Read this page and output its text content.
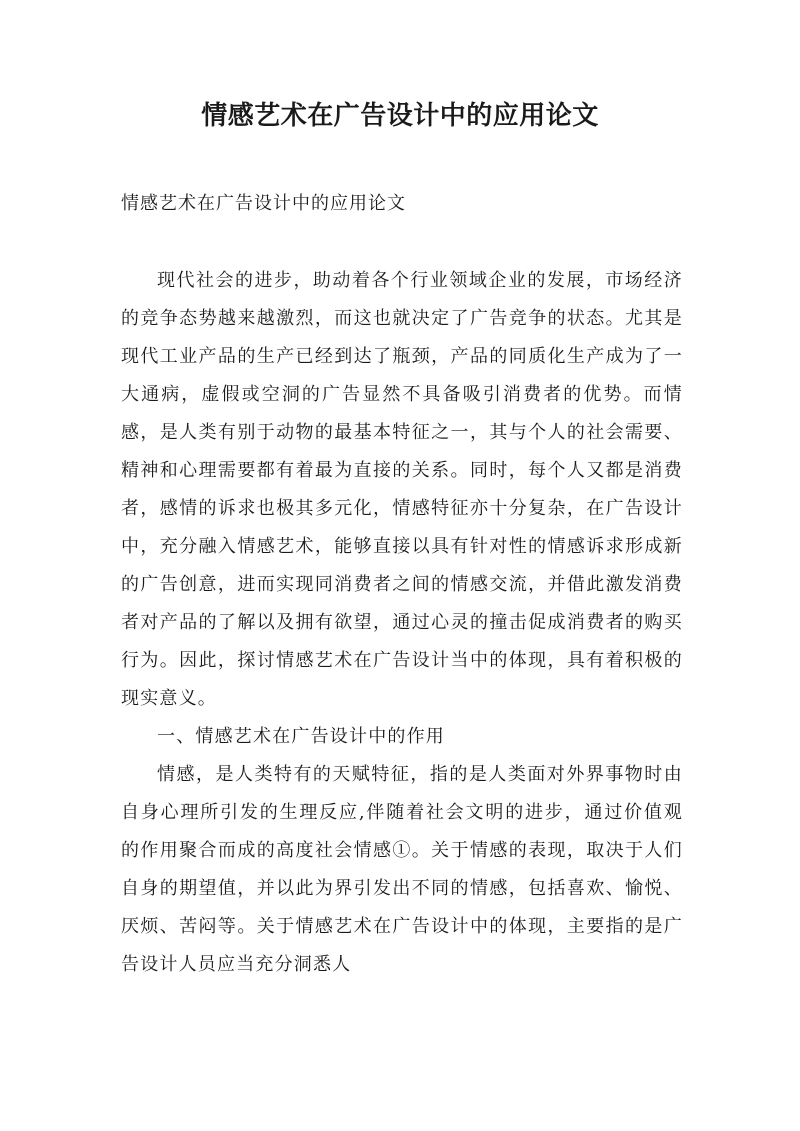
情感艺术在广告设计中的应用论文
情感艺术在广告设计中的应用论文

现代社会的进步，助动着各个行业领域企业的发展，市场经济的竞争态势越来越激烈，而这也就决定了广告竞争的状态。尤其是现代工业产品的生产已经到达了瓶颈，产品的同质化生产成为了一大通病，虚假或空洞的广告显然不具备吸引消费者的优势。而情感，是人类有别于动物的最基本特征之一，其与个人的社会需要、精神和心理需要都有着最为直接的关系。同时，每个人又都是消费者，感情的诉求也极其多元化，情感特征亦十分复杂，在广告设计中，充分融入情感艺术，能够直接以具有针对性的情感诉求形成新的广告创意，进而实现同消费者之间的情感交流，并借此激发消费者对产品的了解以及拥有欲望，通过心灵的撞击促成消费者的购买行为。因此，探讨情感艺术在广告设计当中的体现，具有着积极的现实意义。

一、情感艺术在广告设计中的作用

情感，是人类特有的天赋特征，指的是人类面对外界事物时由自身心理所引发的生理反应,伴随着社会文明的进步，通过价值观的作用聚合而成的高度社会情感①。关于情感的表现，取决于人们自身的期望值，并以此为界引发出不同的情感，包括喜欢、愉悦、厌烦、苦闷等。关于情感艺术在广告设计中的体现，主要指的是广告设计人员应当充分洞悉人
